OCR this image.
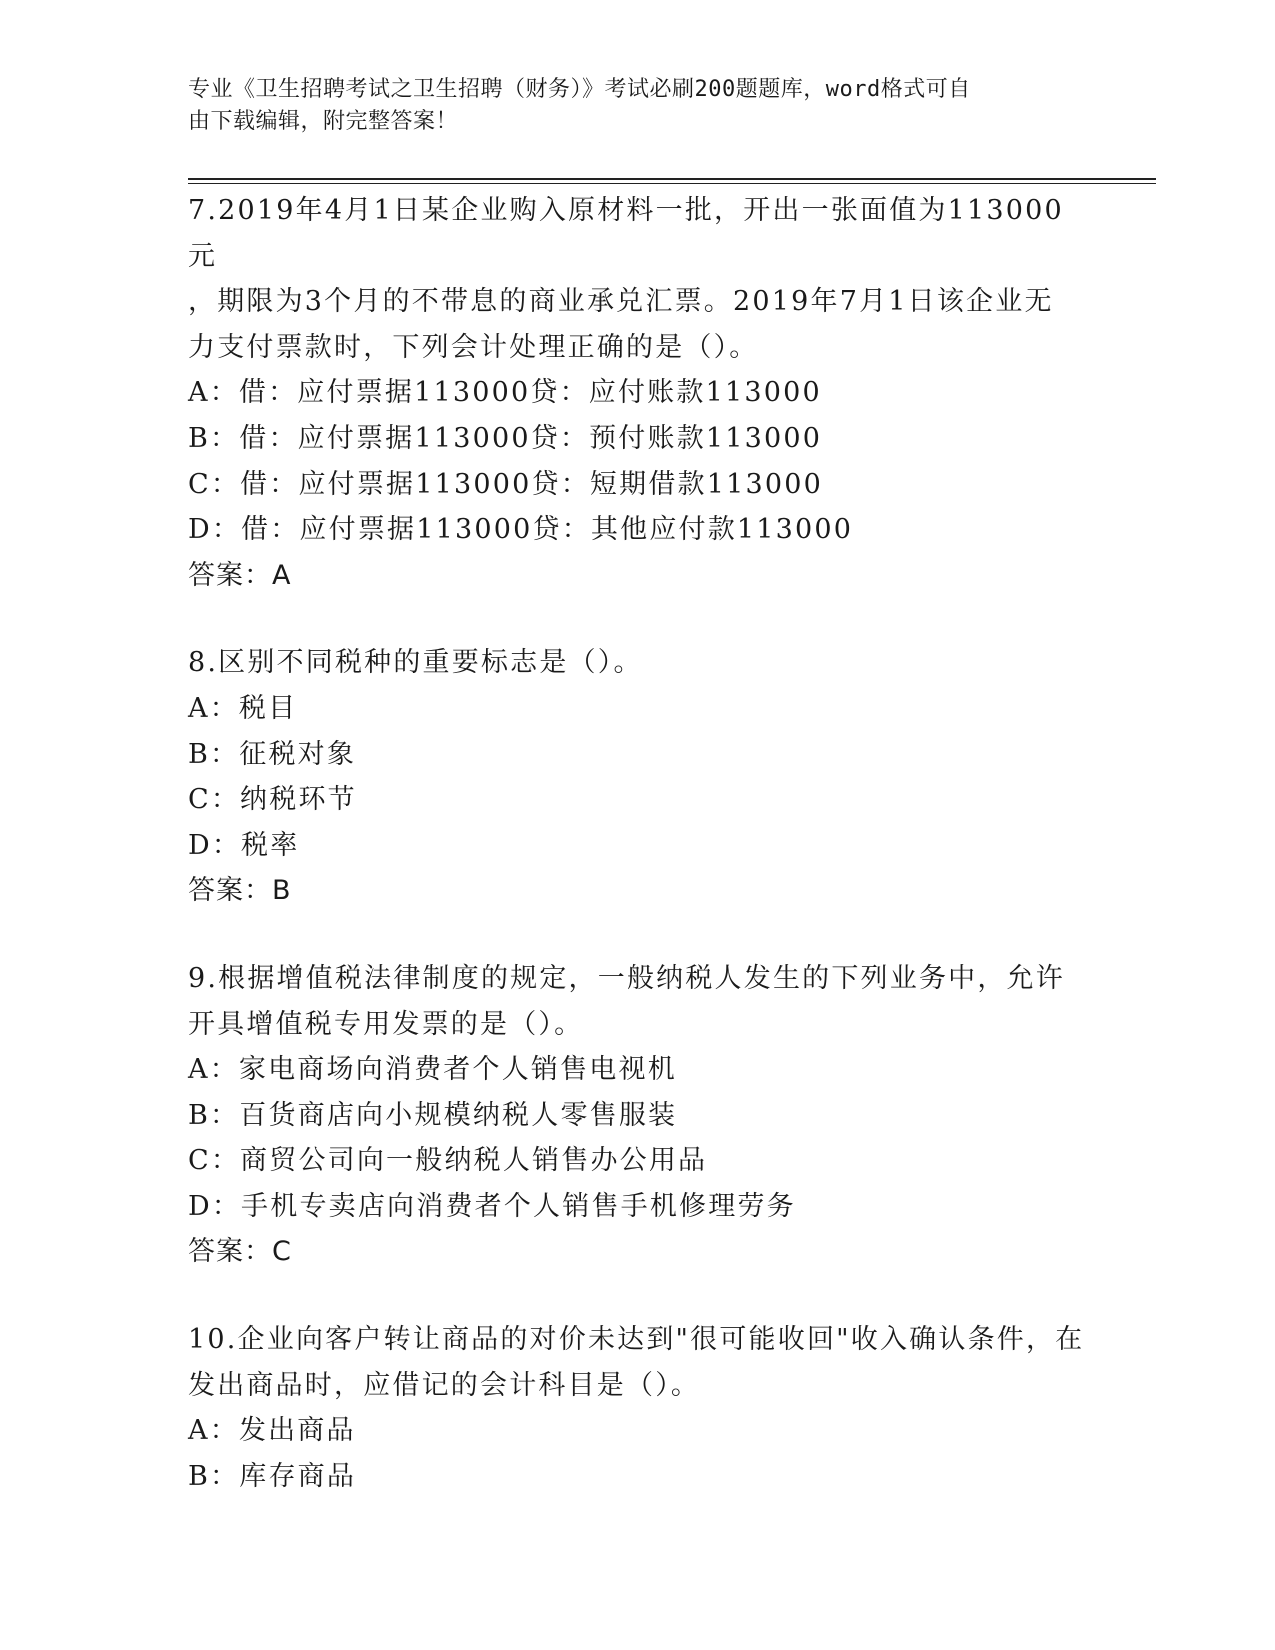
专业《卫生招聘考试之卫生招聘（财务）》考试必刷200题题库，word格式可自
由下载编辑，附完整答案！

7.2019年4月1日某企业购入原材料一批，开出一张面值为113000元

，期限为3个月的不带息的商业承兑汇票。2019年7月1日该企业无

力支付票款时，下列会计处理正确的是（）。

A：借：应付票据113000贷：应付账款113000

B：借：应付票据113000贷：预付账款113000

C：借：应付票据113000贷：短期借款113000

D：借：应付票据113000贷：其他应付款113000

答案：A

8.区别不同税种的重要标志是（）。

A：税目

B：征税对象

C：纳税环节

D：税率

答案：B

9.根据增值税法律制度的规定，一般纳税人发生的下列业务中，允许

开具增值税专用发票的是（）。

A：家电商场向消费者个人销售电视机

B：百货商店向小规模纳税人零售服装

C：商贸公司向一般纳税人销售办公用品

D：手机专卖店向消费者个人销售手机修理劳务

答案：C

10.企业向客户转让商品的对价未达到"很可能收回"收入确认条件，在

发出商品时，应借记的会计科目是（）。

A：发出商品

B：库存商品
